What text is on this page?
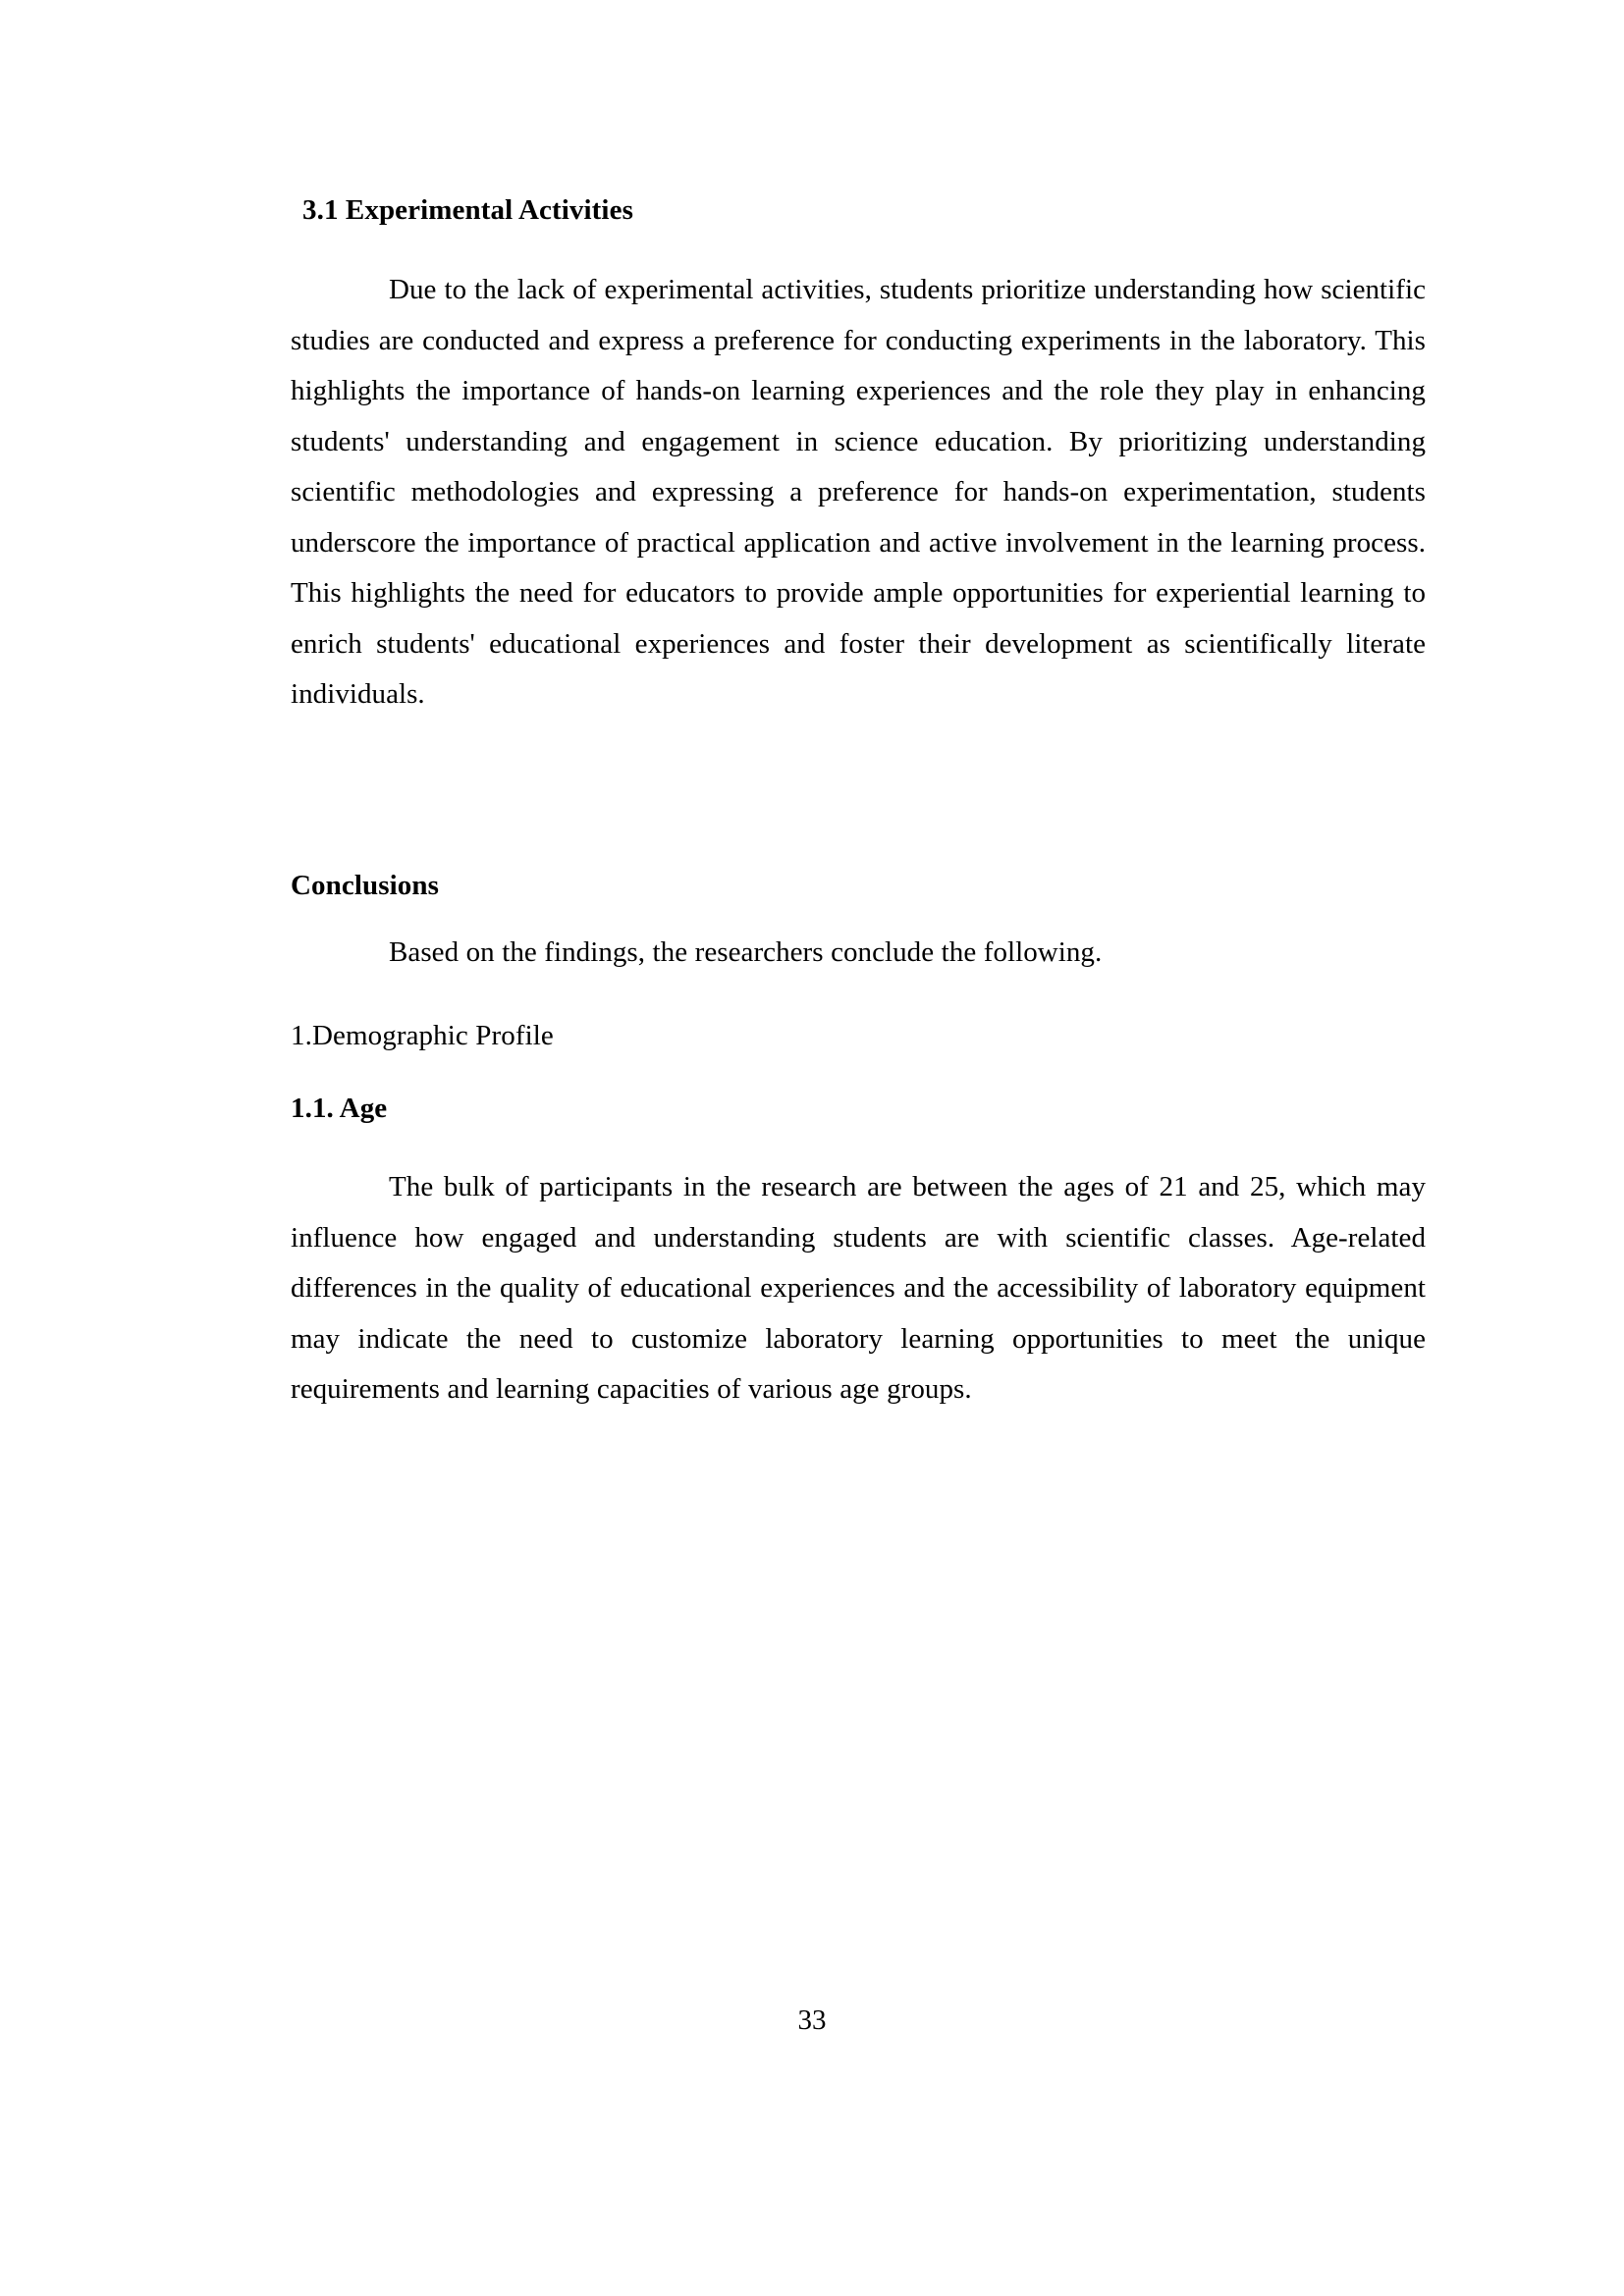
3.1 Experimental Activities

Due to the lack of experimental activities, students prioritize understanding how scientific studies are conducted and express a preference for conducting experiments in the laboratory. This highlights the importance of hands-on learning experiences and the role they play in enhancing students' understanding and engagement in science education. By prioritizing understanding scientific methodologies and expressing a preference for hands-on experimentation, students underscore the importance of practical application and active involvement in the learning process. This highlights the need for educators to provide ample opportunities for experiential learning to enrich students' educational experiences and foster their development as scientifically literate individuals.

Conclusions

Based on the findings, the researchers conclude the following.

1.Demographic Profile
1.1. Age

The bulk of participants in the research are between the ages of 21 and 25, which may influence how engaged and understanding students are with scientific classes. Age-related differences in the quality of educational experiences and the accessibility of laboratory equipment may indicate the need to customize laboratory learning opportunities to meet the unique requirements and learning capacities of various age groups.

33
